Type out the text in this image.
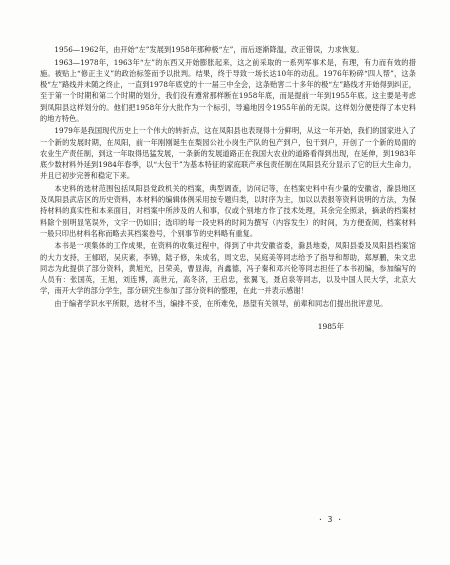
1956—1962年，由开始“左”发展到1958年那种极“左”，而后逐渐降温，改正错误，力求恢复。

1963—1978年，1963年“左”的东西又开始膨胀起来，这之前采取的一系列军事术是，有理，有力而有效的措施。被贴上“修正主义”的政治标签而予以批判。结果，终于导致一场长达10年的动乱。1976年粉碎“四人帮”，这条极“左”路线并未随之终止，一直到1978年底党的十一届三中全会，这条贻害二十多年的极“左”路线才开始得到纠正，至于第一个时期和第二个时期的划分，我们没有遵常那样断在1958年底，而是提前一年到1955年底。这主要是考虑到凤阳县这样划分的。他们把1958年分大批作为一个标引，导遍地因令1955年前的无误。这样划分便使得了本史料的地方特色。

1979年是我国现代历史上一个伟大的转折点，这在凤阳县也表现得十分鲜明，从这一年开始，我们的国家进入了一个新的发展时期，在凤阳，前一年刚刚诞生在梨园公社小岗生产队的包产到户，包干到户，开创了一个新的局面的农业生产责任制，到这一年取得迅猛发展，一条新的发展道路正在我国大农业的道路看得到出现，在延伸，到1983年底少数材料外延到1984年春季，以“大包干”为基本特征的家庭联产承包责任制在凤阳县充分显示了它的巨大生命力，并且已初步完善和稳定下来。

本史料的选材范围包括凤阳县党政机关的档案，典型调查，访问记等，在档案史料中有少量的安徽省，滁县地区及凤阳县武店区的历史资料，本材料的编辑体例采用按专题归类，以时序为主，加以以表报等资料说明的方法，为保持材料的真实性和本来面目，对档案中所涉及的人和事，仅或个别地方作了技术处理，其余完全照录，摘录的档案材料除个别明显笔误外，文字一仍如旧；选印的每一段史料的时间为撰写（内容发生）的时间，为方便查阅，档案材料一般只印出材料名称而略去其档案卷号，个别事节的史料略有重复。

本书是一项集体的工作成果，在资料的收集过程中，得到了中共安徽省委，滁县地委，凤阳县委及凤阳县档案馆的大力支持，王郁昭，吴庆素，李锦，陆子修，朱成名，周文忠，吴庭美等同志给予了指导和帮助，郑厚鹏，朱文忠同志为此提供了部分资料，黄旭光，吕荣美，曹显海，肖鑫德，冯子秦和邓兴伦等同志担任了本书初编，参加编写的人员有：张国英，王旭，刘连博，高世元，高冬济，王启忠，张翼飞，聂启泉等同志，以及中国人民大学，北京大学，南开大学的部分学生，部分研究生参加了部分资料的整理，在此一并表示感谢！

由于编者学识水平所限，选材不当，编排不妥，在所难免，恳望有关领导，前辈和同志们提出批评意见。

1985年

· 3 ·
